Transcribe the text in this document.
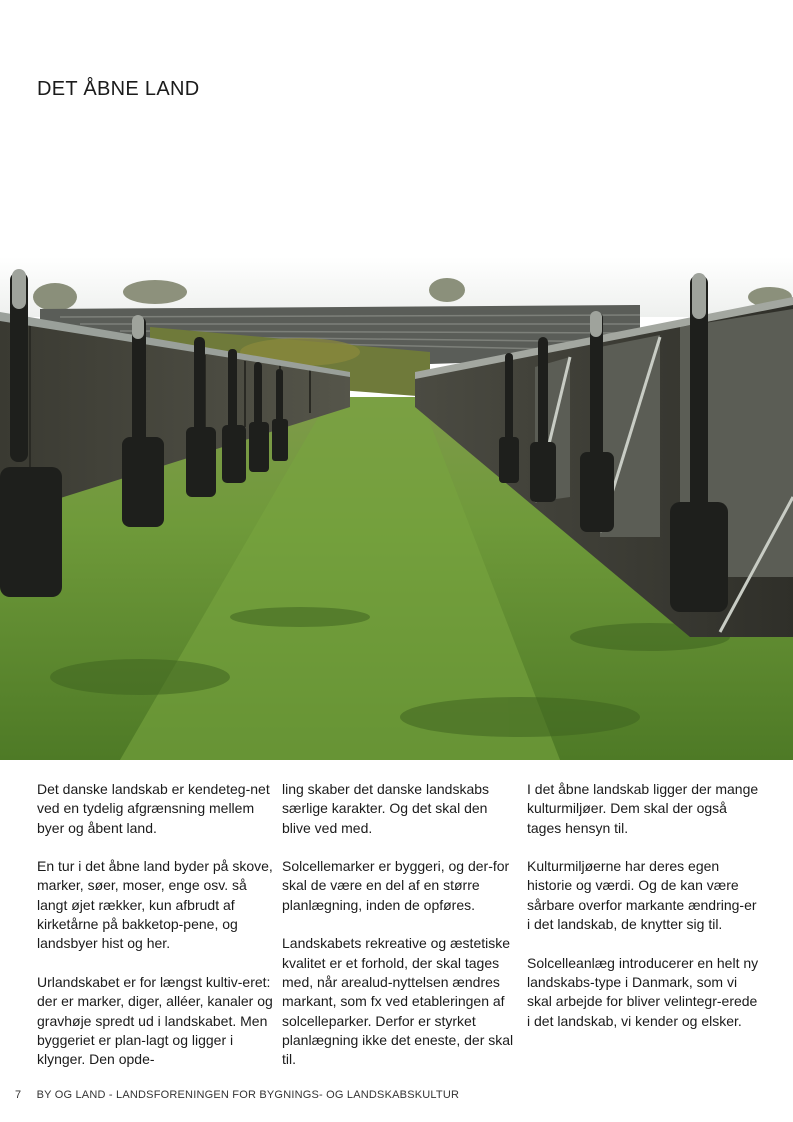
DET ÅBNE LAND

Det danske landskab er kendeteg-net ved en tydelig afgrænsning mellem byer og åbent land.

En tur i det åbne land byder på skove, marker, søer, moser, enge osv. så langt øjet rækker, kun afbrudt af kirketårne på bakketop-pene, og landsbyer hist og her.

Urlandskabet er for længst kultiv-eret: der er marker, diger, alléer, kanaler og gravhøje spredt ud i landskabet. Men byggeriet er plan-lagt og ligger i klynger. Den opde-

ling skaber det danske landskabs særlige karakter. Og det skal den blive ved med.

Solcellemarker er byggeri, og der-for skal de være en del af en større planlægning, inden de opføres.

Landskabets rekreative og æstetiske kvalitet er et forhold, der skal tages med, når arealud-nyttelsen ændres markant, som fx ved etableringen af solcelleparker. Derfor er styrket planlægning ikke det eneste, der skal til.

I det åbne landskab ligger der mange kulturmiljøer. Dem skal der også tages hensyn til.

Kulturmiljøerne har deres egen historie og værdi. Og de kan være sårbare overfor markante ændring-er i det landskab, de knytter sig til.

Solcelleanlæg introducerer en helt ny landskabs-type i Danmark, som vi skal arbejde for bliver velintegr-erede i det landskab, vi kender og elsker.

7 BY OG LAND - LANDSFORENINGEN FOR BYGNINGS- OG LANDSKABSKULTUR
